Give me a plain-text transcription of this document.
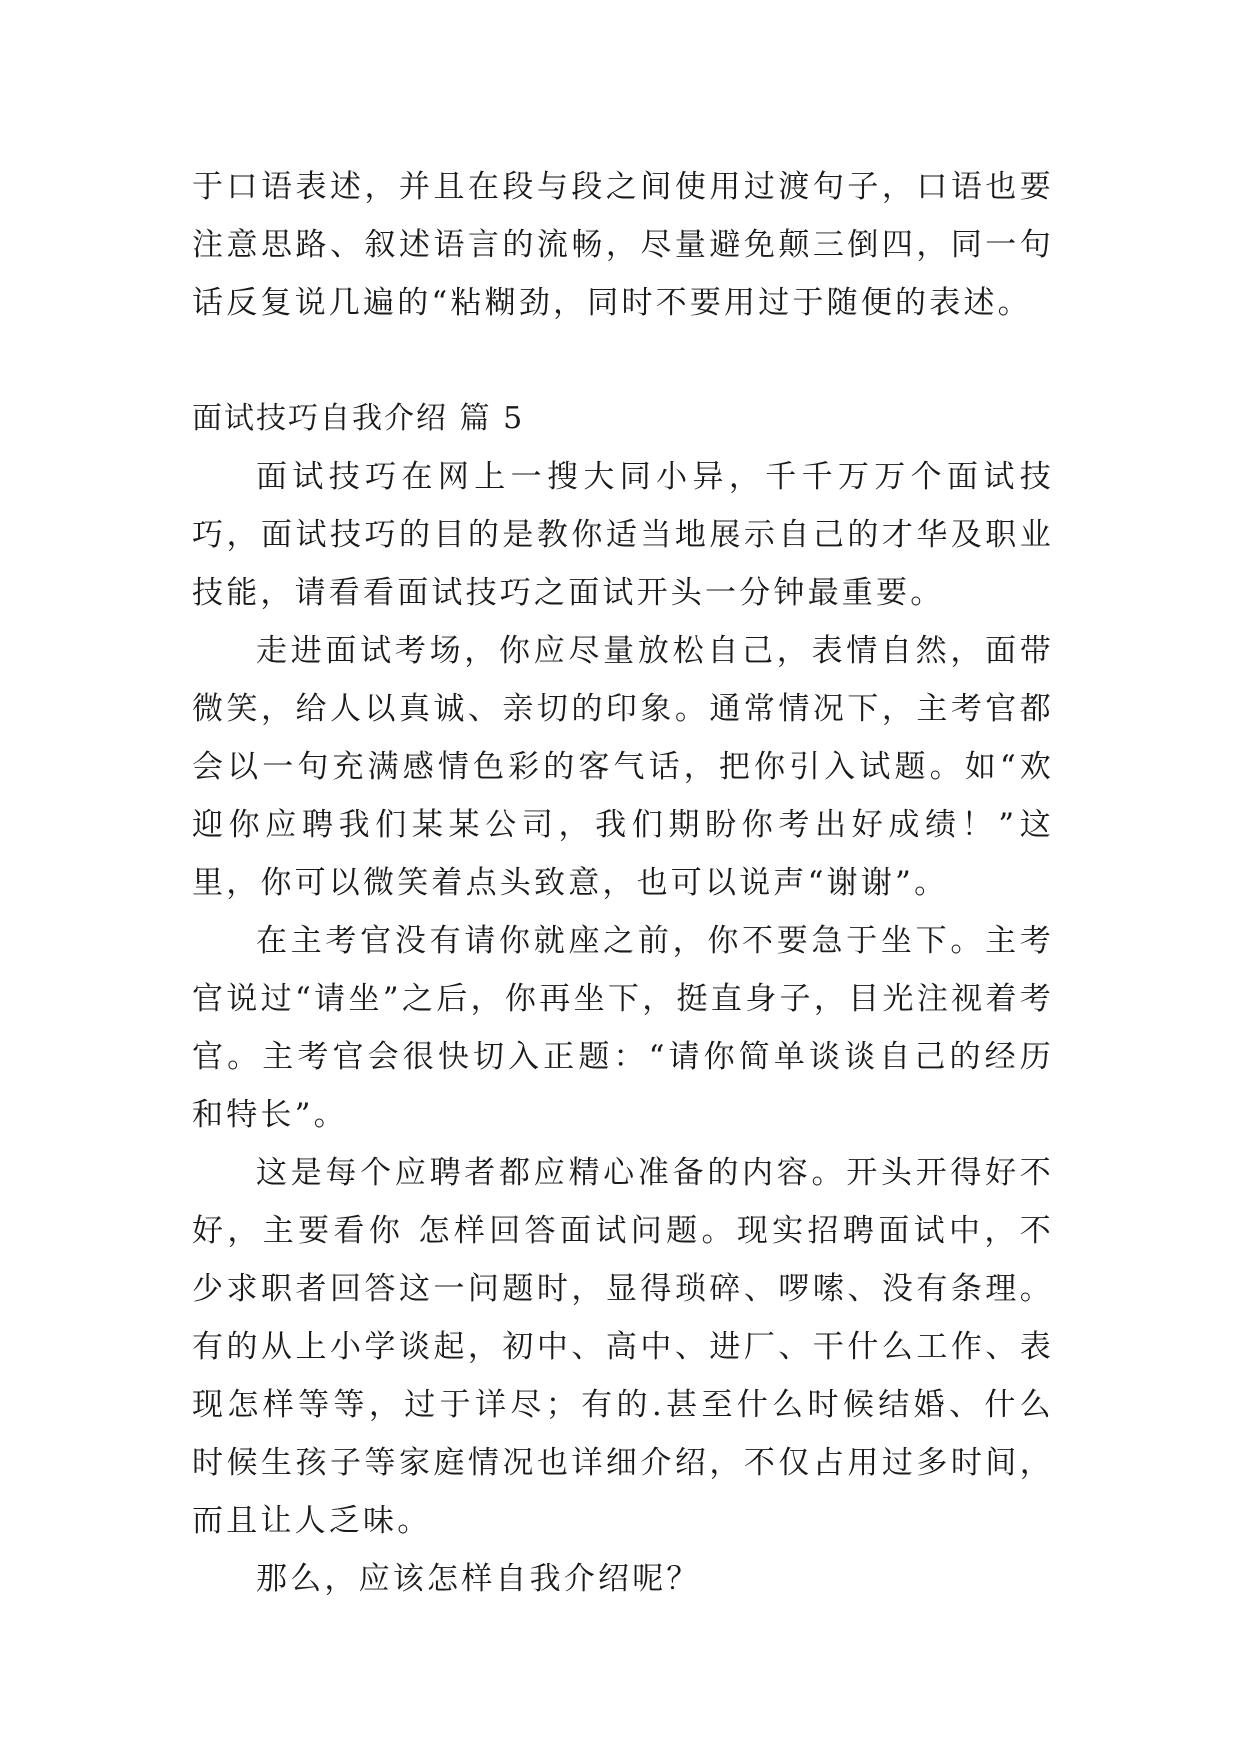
于口语表述，并且在段与段之间使用过渡句子，口语也要注意思路、叙述语言的流畅，尽量避免颠三倒四，同一句话反复说几遍的“粘糊劲，同时不要用过于随便的表述。

面试技巧自我介绍 篇 5

面试技巧在网上一搜大同小异，千千万万个面试技巧，面试技巧的目的是教你适当地展示自己的才华及职业技能，请看看面试技巧之面试开头一分钟最重要。

走进面试考场，你应尽量放松自己，表情自然，面带微笑，给人以真诚、亲切的印象。通常情况下，主考官都会以一句充满感情色彩的客气话，把你引入试题。如“欢迎你应聘我们某某公司，我们期盼你考出好成绩！”这里，你可以微笑着点头致意，也可以说声“谢谢”。

在主考官没有请你就座之前，你不要急于坐下。主考官说过“请坐”之后，你再坐下，挺直身子，目光注视着考官。主考官会很快切入正题：“请你简单谈谈自己的经历和特长”。

这是每个应聘者都应精心准备的内容。开头开得好不好，主要看你 怎样回答面试问题。现实招聘面试中，不少求职者回答这一问题时，显得琐碎、啰嗦、没有条理。有的从上小学谈起，初中、高中、进厂、干什么工作、表现怎样等等，过于详尽；有的.甚至什么时候结婚、什么时候生孩子等家庭情况也详细介绍，不仅占用过多时间，而且让人乏味。

那么，应该怎样自我介绍呢？
